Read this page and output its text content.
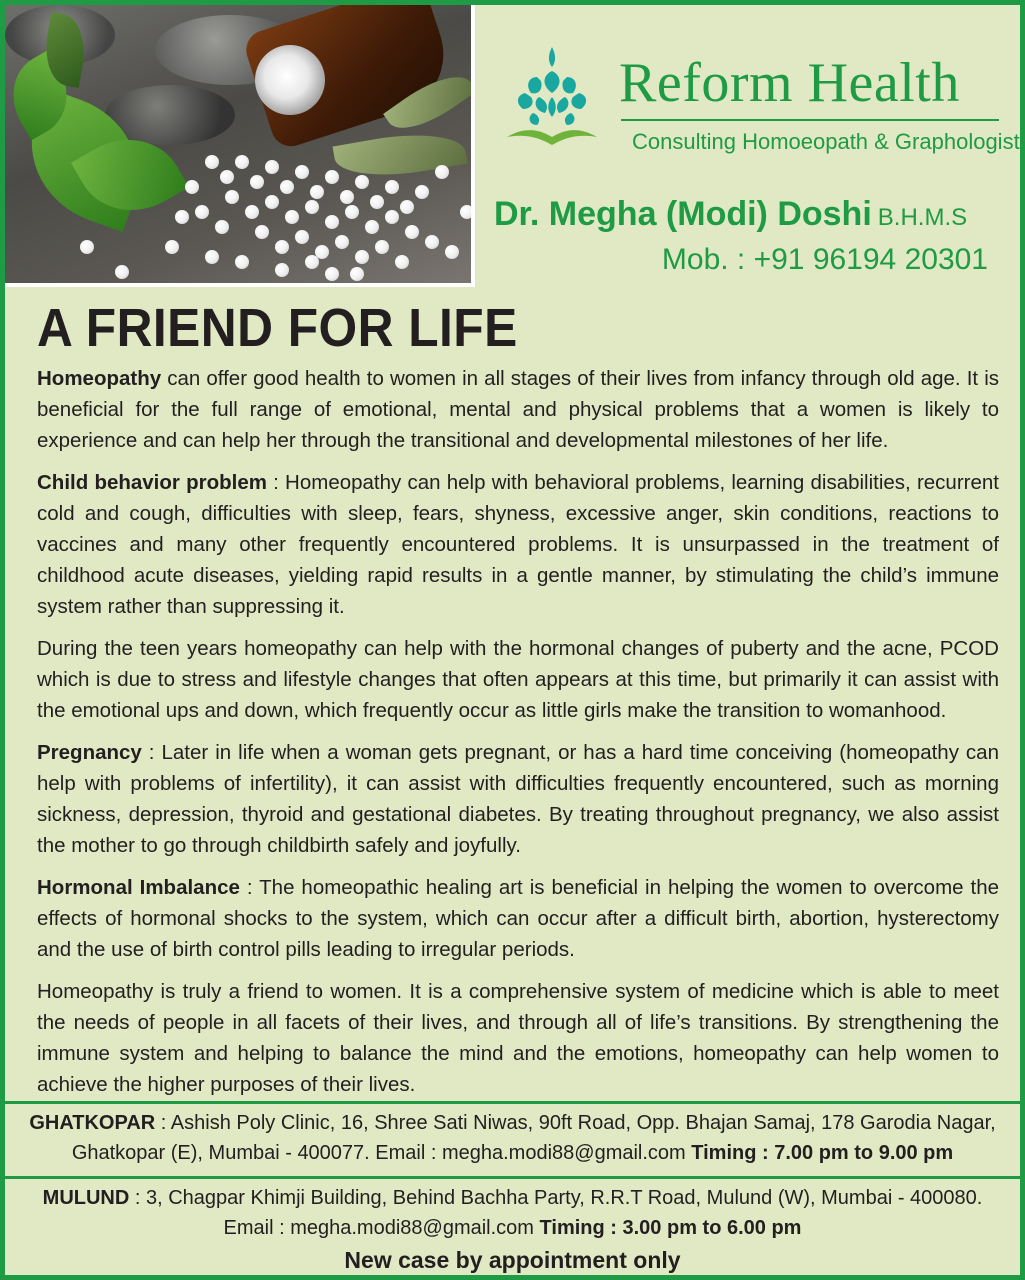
Reform Health
Consulting Homoeopath & Graphologist
Dr. Megha (Modi) Doshi B.H.M.S
Mob. : +91 96194 20301
A FRIEND FOR LIFE

Homeopathy can offer good health to women in all stages of their lives from infancy through old age. It is beneficial for the full range of emotional, mental and physical problems that a women is likely to experience and can help her through the transitional and developmental milestones of her life.

Child behavior problem : Homeopathy can help with behavioral problems, learning disabilities, recurrent cold and cough, difficulties with sleep, fears, shyness, excessive anger, skin conditions, reactions to vaccines and many other frequently encountered problems. It is unsurpassed in the treatment of childhood acute diseases, yielding rapid results in a gentle manner, by stimulating the child’s immune system rather than suppressing it.

During the teen years homeopathy can help with the hormonal changes of puberty and the acne, PCOD which is due to stress and lifestyle changes that often appears at this time, but primarily it can assist with the emotional ups and down, which frequently occur as little girls make the transition to womanhood.

Pregnancy : Later in life when a woman gets pregnant, or has a hard time conceiving (homeopathy can help with problems of infertility), it can assist with difficulties frequently encountered, such as morning sickness, depression, thyroid and gestational diabetes. By treating throughout pregnancy, we also assist the mother to go through childbirth safely and joyfully.

Hormonal Imbalance : The homeopathic healing art is beneficial in helping the women to overcome the effects of hormonal shocks to the system, which can occur after a difficult birth, abortion, hysterectomy and the use of birth control pills leading to irregular periods.

Homeopathy is truly a friend to women. It is a comprehensive system of medicine which is able to meet the needs of people in all facets of their lives, and through all of life’s transitions. By strengthening the immune system and helping to balance the mind and the emotions, homeopathy can help women to achieve the higher purposes of their lives.

GHATKOPAR : Ashish Poly Clinic, 16, Shree Sati Niwas, 90ft Road, Opp. Bhajan Samaj, 178 Garodia Nagar, Ghatkopar (E), Mumbai - 400077. Email : megha.modi88@gmail.com Timing : 7.00 pm to 9.00 pm
MULUND : 3, Chagpar Khimji Building, Behind Bachha Party, R.R.T Road, Mulund (W), Mumbai - 400080.
Email : megha.modi88@gmail.com Timing : 3.00 pm to 6.00 pm
New case by appointment only
